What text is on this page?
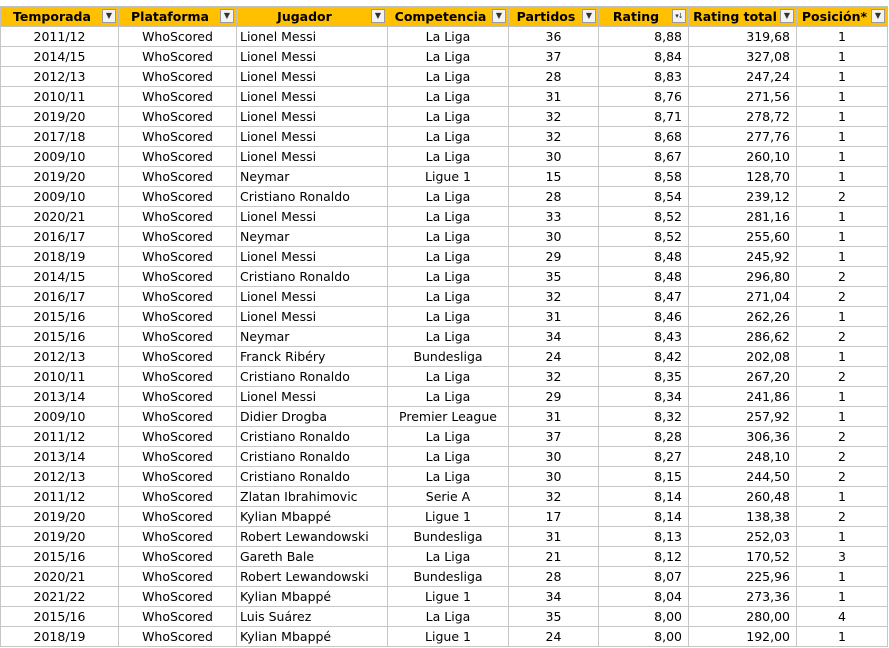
Temporada ▼	Plataforma ▼	Jugador ▼	Competencia ▼	Partidos ▼	Rating ▾↓	Rating total ▼	Posición* ▼

2011/12	WhoScored	Lionel Messi	La Liga	36	8,88	319,68	1
2014/15	WhoScored	Lionel Messi	La Liga	37	8,84	327,08	1
2012/13	WhoScored	Lionel Messi	La Liga	28	8,83	247,24	1
2010/11	WhoScored	Lionel Messi	La Liga	31	8,76	271,56	1
2019/20	WhoScored	Lionel Messi	La Liga	32	8,71	278,72	1
2017/18	WhoScored	Lionel Messi	La Liga	32	8,68	277,76	1
2009/10	WhoScored	Lionel Messi	La Liga	30	8,67	260,10	1
2019/20	WhoScored	Neymar	Ligue 1	15	8,58	128,70	1
2009/10	WhoScored	Cristiano Ronaldo	La Liga	28	8,54	239,12	2
2020/21	WhoScored	Lionel Messi	La Liga	33	8,52	281,16	1
2016/17	WhoScored	Neymar	La Liga	30	8,52	255,60	1
2018/19	WhoScored	Lionel Messi	La Liga	29	8,48	245,92	1
2014/15	WhoScored	Cristiano Ronaldo	La Liga	35	8,48	296,80	2
2016/17	WhoScored	Lionel Messi	La Liga	32	8,47	271,04	2
2015/16	WhoScored	Lionel Messi	La Liga	31	8,46	262,26	1
2015/16	WhoScored	Neymar	La Liga	34	8,43	286,62	2
2012/13	WhoScored	Franck Ribéry	Bundesliga	24	8,42	202,08	1
2010/11	WhoScored	Cristiano Ronaldo	La Liga	32	8,35	267,20	2
2013/14	WhoScored	Lionel Messi	La Liga	29	8,34	241,86	1
2009/10	WhoScored	Didier Drogba	Premier League	31	8,32	257,92	1
2011/12	WhoScored	Cristiano Ronaldo	La Liga	37	8,28	306,36	2
2013/14	WhoScored	Cristiano Ronaldo	La Liga	30	8,27	248,10	2
2012/13	WhoScored	Cristiano Ronaldo	La Liga	30	8,15	244,50	2
2011/12	WhoScored	Zlatan Ibrahimovic	Serie A	32	8,14	260,48	1
2019/20	WhoScored	Kylian Mbappé	Ligue 1	17	8,14	138,38	2
2019/20	WhoScored	Robert Lewandowski	Bundesliga	31	8,13	252,03	1
2015/16	WhoScored	Gareth Bale	La Liga	21	8,12	170,52	3
2020/21	WhoScored	Robert Lewandowski	Bundesliga	28	8,07	225,96	1
2021/22	WhoScored	Kylian Mbappé	Ligue 1	34	8,04	273,36	1
2015/16	WhoScored	Luis Suárez	La Liga	35	8,00	280,00	4
2018/19	WhoScored	Kylian Mbappé	Ligue 1	24	8,00	192,00	1
